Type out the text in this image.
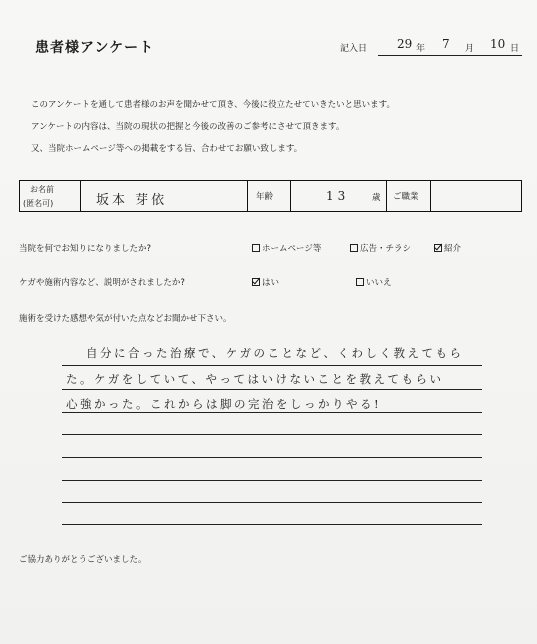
患者様アンケート	記入日 29 年 7 月 10 日
このアンケートを通して患者様のお声を聞かせて頂き、今後に役立たせていきたいと思います。
アンケートの内容は、当院の現状の把握と今後の改善のご参考にさせて頂きます。
又、当院ホームページ等への掲載をする旨、合わせてお願い致します。
お名前
(匿名可)	坂本 芽依	年齢	13	歳 ご職業
当院を何でお知りになりましたか?	ホームページ等	広告・チラシ	紹介
ケガや施術内容など、説明がされましたか?	はい	いいえ
施術を受けた感想や気が付いた点などお聞かせ下さい。
自分に合った治療で、ケガのことなど、くわしく教えてもら
た。ケガをしていて、やってはいけないことを教えてもらい
心強かった。これからは脚の完治をしっかりやる!
ご協力ありがとうございました。
